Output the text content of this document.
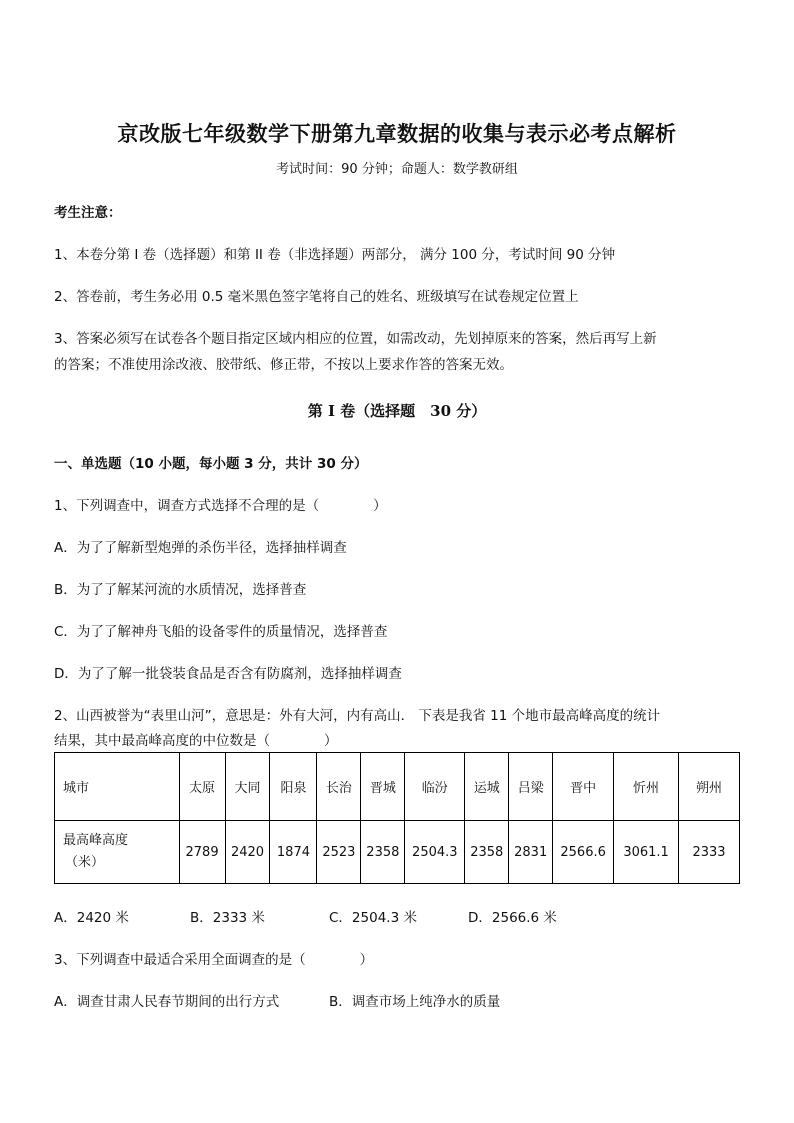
京改版七年级数学下册第九章数据的收集与表示必考点解析
考试时间：90 分钟；命题人：数学教研组
考生注意：
1、本卷分第 I 卷（选择题）和第 II 卷（非选择题）两部分， 满分 100 分，考试时间 90 分钟
2、答卷前，考生务必用 0.5 毫米黑色签字笔将自己的姓名、班级填写在试卷规定位置上
3、答案必须写在试卷各个题目指定区域内相应的位置，如需改动，先划掉原来的答案，然后再写上新
的答案；不准使用涂改液、胶带纸、修正带，不按以上要求作答的答案无效。
第 I 卷（选择题　30 分）
一、单选题（10 小题，每小题 3 分，共计 30 分）
1、下列调查中，调查方式选择不合理的是（　　　　）
A．为了了解新型炮弹的杀伤半径，选择抽样调查
B．为了了解某河流的水质情况，选择普查
C．为了了解神舟飞船的设备零件的质量情况，选择普查
D．为了了解一批袋装食品是否含有防腐剂，选择抽样调查
2、山西被誉为“表里山河”，意思是：外有大河，内有高山． 下表是我省 11 个地市最高峰高度的统计
结果，其中最高峰高度的中位数是（　　　　）
城市	太原	大同	阳泉	长治	晋城	临汾	运城	吕梁	晋中	忻州	朔州

最高峰高度
（米）	2789	2420	1874	2523	2358	2504.3	2358	2831	2566.6	3061.1	2333
A．2420 米	B．2333 米	C．2504.3 米	D．2566.6 米
3、下列调查中最适合采用全面调查的是（　　　　）
A．调查甘肃人民春节期间的出行方式	B．调查市场上纯净水的质量
